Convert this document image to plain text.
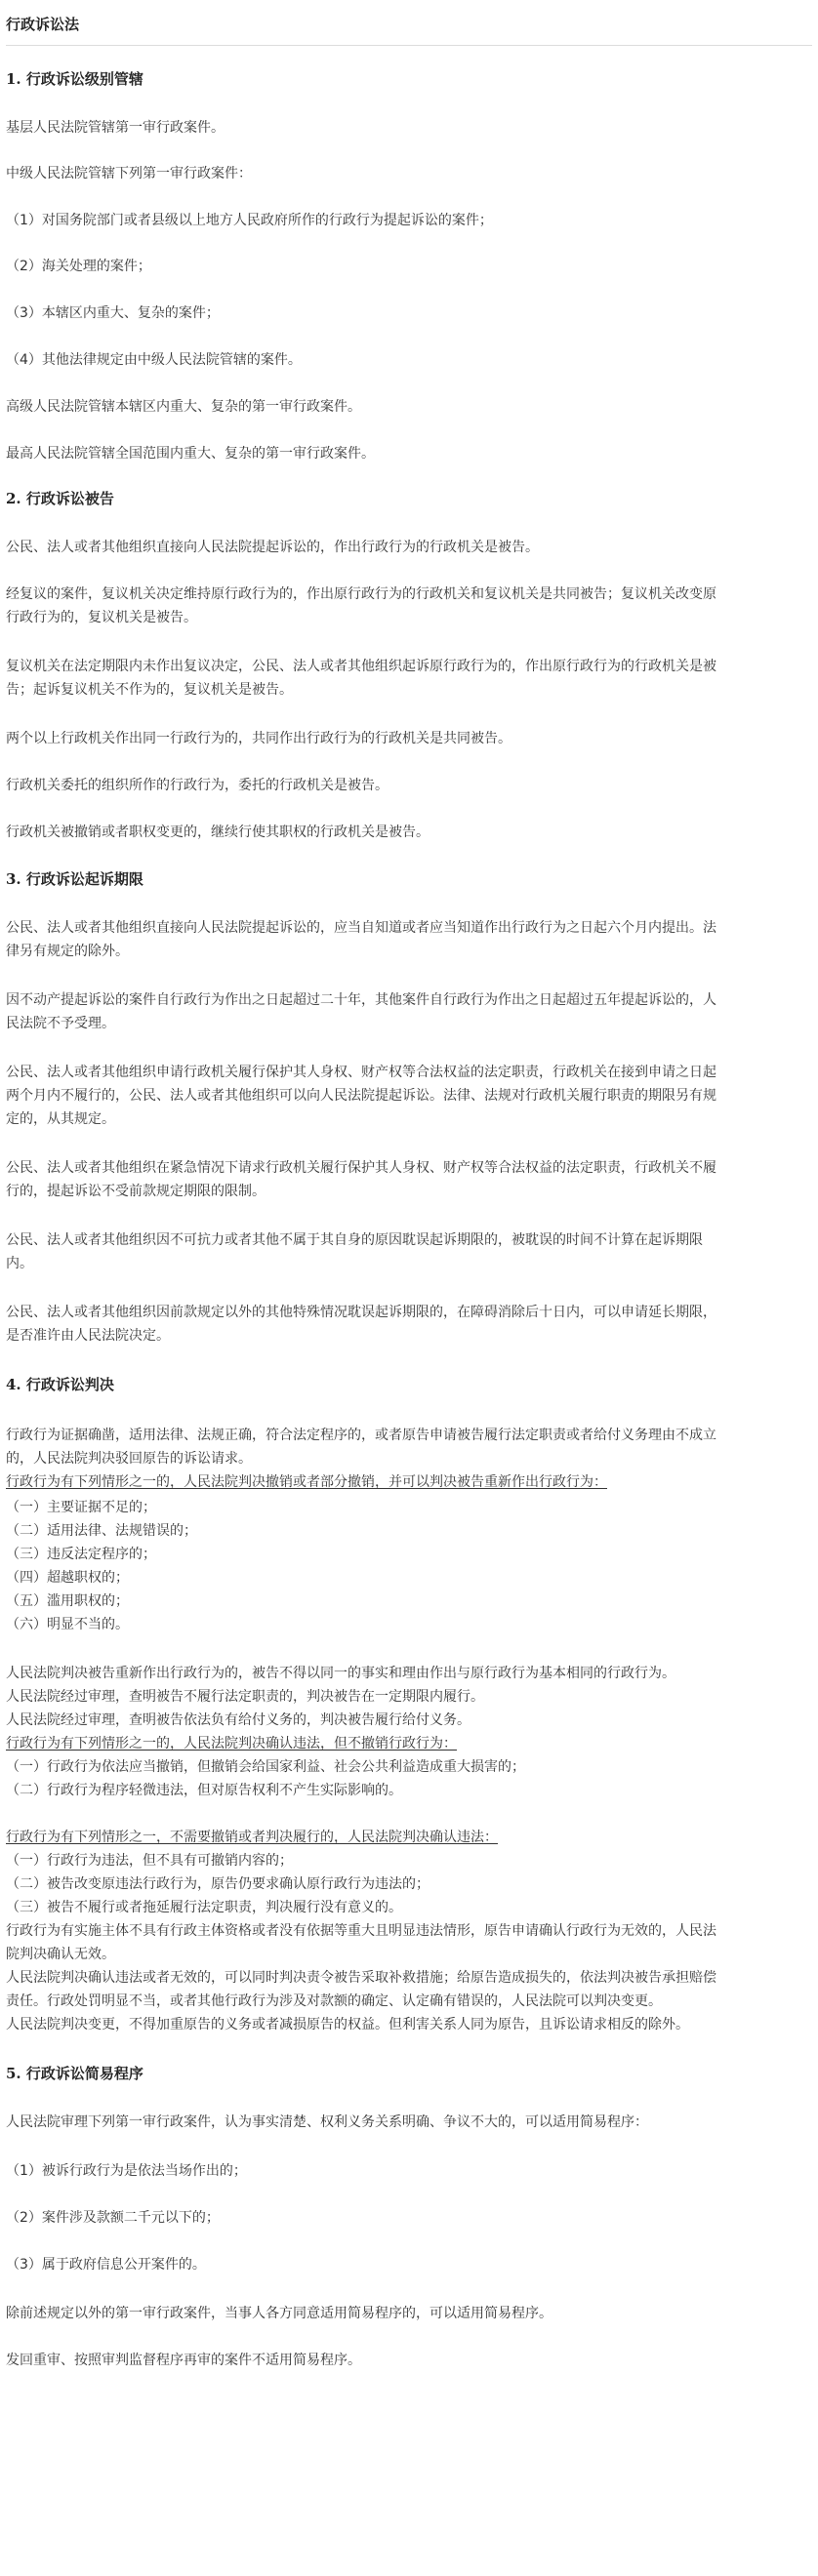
行政诉讼法
1. 行政诉讼级别管辖
基层人民法院管辖第一审行政案件。
中级人民法院管辖下列第一审行政案件：
（1）对国务院部门或者县级以上地方人民政府所作的行政行为提起诉讼的案件；
（2）海关处理的案件；
（3）本辖区内重大、复杂的案件；
（4）其他法律规定由中级人民法院管辖的案件。
高级人民法院管辖本辖区内重大、复杂的第一审行政案件。
最高人民法院管辖全国范围内重大、复杂的第一审行政案件。
2. 行政诉讼被告
公民、法人或者其他组织直接向人民法院提起诉讼的，作出行政行为的行政机关是被告。
经复议的案件，复议机关决定维持原行政行为的，作出原行政行为的行政机关和复议机关是共同被告；复议机关改变原
行政行为的，复议机关是被告。
复议机关在法定期限内未作出复议决定，公民、法人或者其他组织起诉原行政行为的，作出原行政行为的行政机关是被
告；起诉复议机关不作为的，复议机关是被告。
两个以上行政机关作出同一行政行为的，共同作出行政行为的行政机关是共同被告。
行政机关委托的组织所作的行政行为，委托的行政机关是被告。
行政机关被撤销或者职权变更的，继续行使其职权的行政机关是被告。
3. 行政诉讼起诉期限
公民、法人或者其他组织直接向人民法院提起诉讼的，应当自知道或者应当知道作出行政行为之日起六个月内提出。法
律另有规定的除外。
因不动产提起诉讼的案件自行政行为作出之日起超过二十年，其他案件自行政行为作出之日起超过五年提起诉讼的，人
民法院不予受理。
公民、法人或者其他组织申请行政机关履行保护其人身权、财产权等合法权益的法定职责，行政机关在接到申请之日起
两个月内不履行的，公民、法人或者其他组织可以向人民法院提起诉讼。法律、法规对行政机关履行职责的期限另有规
定的，从其规定。
公民、法人或者其他组织在紧急情况下请求行政机关履行保护其人身权、财产权等合法权益的法定职责，行政机关不履
行的，提起诉讼不受前款规定期限的限制。
公民、法人或者其他组织因不可抗力或者其他不属于其自身的原因耽误起诉期限的，被耽误的时间不计算在起诉期限
内。
公民、法人或者其他组织因前款规定以外的其他特殊情况耽误起诉期限的，在障碍消除后十日内，可以申请延长期限，
是否准许由人民法院决定。
4. 行政诉讼判决
行政行为证据确凿，适用法律、法规正确，符合法定程序的，或者原告申请被告履行法定职责或者给付义务理由不成立
的，人民法院判决驳回原告的诉讼请求。
行政行为有下列情形之一的，人民法院判决撤销或者部分撤销，并可以判决被告重新作出行政行为：
（一）主要证据不足的；
（二）适用法律、法规错误的；
（三）违反法定程序的；
（四）超越职权的；
（五）滥用职权的；
（六）明显不当的。
人民法院判决被告重新作出行政行为的，被告不得以同一的事实和理由作出与原行政行为基本相同的行政行为。
人民法院经过审理，查明被告不履行法定职责的，判决被告在一定期限内履行。
人民法院经过审理，查明被告依法负有给付义务的，判决被告履行给付义务。
行政行为有下列情形之一的，人民法院判决确认违法，但不撤销行政行为：
（一）行政行为依法应当撤销，但撤销会给国家利益、社会公共利益造成重大损害的；
（二）行政行为程序轻微违法，但对原告权利不产生实际影响的。
行政行为有下列情形之一，不需要撤销或者判决履行的，人民法院判决确认违法：
（一）行政行为违法，但不具有可撤销内容的；
（二）被告改变原违法行政行为，原告仍要求确认原行政行为违法的；
（三）被告不履行或者拖延履行法定职责，判决履行没有意义的。
行政行为有实施主体不具有行政主体资格或者没有依据等重大且明显违法情形，原告申请确认行政行为无效的，人民法
院判决确认无效。
人民法院判决确认违法或者无效的，可以同时判决责令被告采取补救措施；给原告造成损失的，依法判决被告承担赔偿
责任。行政处罚明显不当，或者其他行政行为涉及对款额的确定、认定确有错误的，人民法院可以判决变更。
人民法院判决变更，不得加重原告的义务或者减损原告的权益。但利害关系人同为原告，且诉讼请求相反的除外。
5. 行政诉讼简易程序
人民法院审理下列第一审行政案件，认为事实清楚、权利义务关系明确、争议不大的，可以适用简易程序：
（1）被诉行政行为是依法当场作出的；
（2）案件涉及款额二千元以下的；
（3）属于政府信息公开案件的。
除前述规定以外的第一审行政案件，当事人各方同意适用简易程序的，可以适用简易程序。
发回重审、按照审判监督程序再审的案件不适用简易程序。
